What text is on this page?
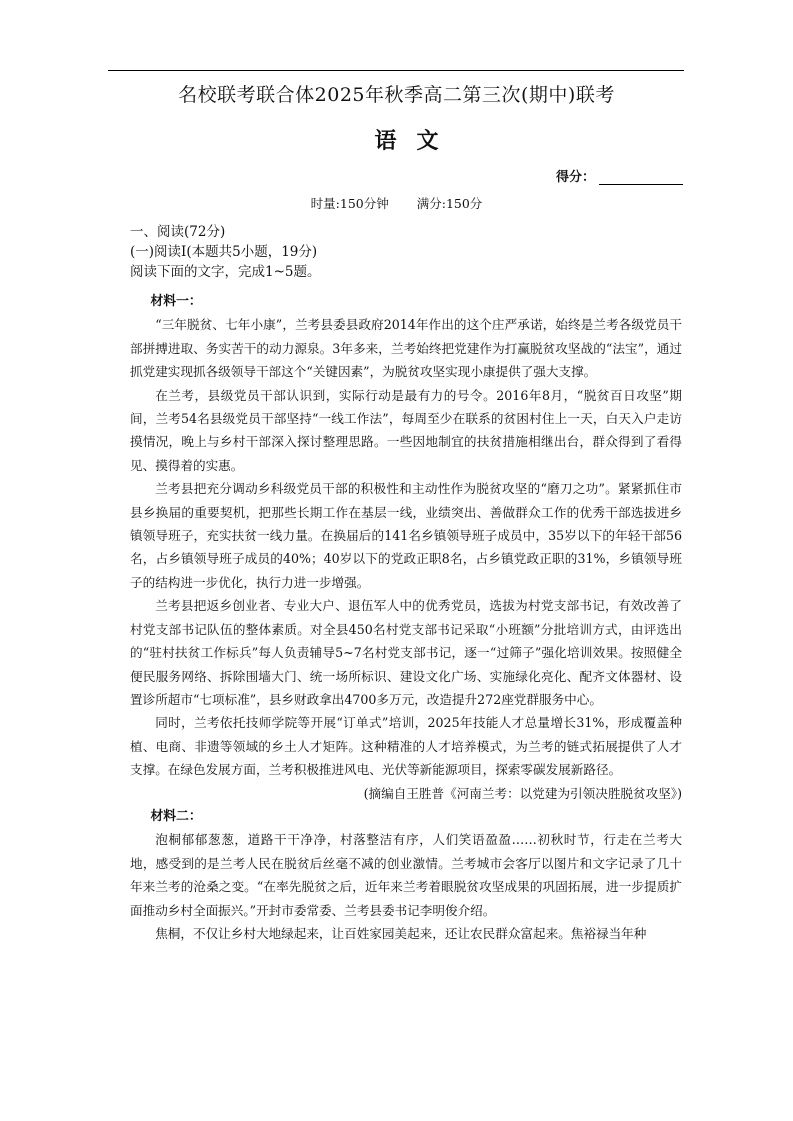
名校联考联合体2025年秋季高二第三次(期中)联考
语文
得分：
时量:150分钟 满分:150分
一、阅读(72分)
(一)阅读Ⅰ(本题共5小题，19分)
阅读下面的文字，完成1~5题。
材料一：

“三年脱贫、七年小康”，兰考县委县政府2014年作出的这个庄严承诺，始终是兰考各级党员干部拼搏进取、务实苦干的动力源泉。3年多来，兰考始终把党建作为打赢脱贫攻坚战的“法宝”，通过抓党建实现抓各级领导干部这个“关键因素”，为脱贫攻坚实现小康提供了强大支撑。

在兰考，县级党员干部认识到，实际行动是最有力的号令。2016年8月，“脱贫百日攻坚”期间，兰考54名县级党员干部坚持“一线工作法”，每周至少在联系的贫困村住上一天，白天入户走访摸情况，晚上与乡村干部深入探讨整理思路。一些因地制宜的扶贫措施相继出台，群众得到了看得见、摸得着的实惠。

兰考县把充分调动乡科级党员干部的积极性和主动性作为脱贫攻坚的“磨刀之功”。紧紧抓住市县乡换届的重要契机，把那些长期工作在基层一线，业绩突出、善做群众工作的优秀干部选拔进乡镇领导班子，充实扶贫一线力量。在换届后的141名乡镇领导班子成员中，35岁以下的年轻干部56名，占乡镇领导班子成员的40%；40岁以下的党政正职8名，占乡镇党政正职的31%，乡镇领导班子的结构进一步优化，执行力进一步增强。

兰考县把返乡创业者、专业大户、退伍军人中的优秀党员，选拔为村党支部书记，有效改善了村党支部书记队伍的整体素质。对全县450名村党支部书记采取“小班额”分批培训方式，由评选出的“驻村扶贫工作标兵”每人负责辅导5~7名村党支部书记，逐一“过筛子”强化培训效果。按照健全便民服务网络、拆除围墙大门、统一场所标识、建设文化广场、实施绿化亮化、配齐文体器材、设置诊所超市“七项标准”，县乡财政拿出4700多万元，改造提升272座党群服务中心。

同时，兰考依托技师学院等开展“订单式”培训，2025年技能人才总量增长31%，形成覆盖种植、电商、非遗等领域的乡土人才矩阵。这种精准的人才培养模式，为兰考的链式拓展提供了人才支撑。在绿色发展方面，兰考积极推进风电、光伏等新能源项目，探索零碳发展新路径。

(摘编自王胜普《河南兰考：以党建为引领决胜脱贫攻坚》)

材料二：

泡桐郁郁葱葱，道路干干净净，村落整洁有序，人们笑语盈盈……初秋时节，行走在兰考大地，感受到的是兰考人民在脱贫后丝毫不减的创业激情。兰考城市会客厅以图片和文字记录了几十年来兰考的沧桑之变。“在率先脱贫之后，近年来兰考着眼脱贫攻坚成果的巩固拓展，进一步提质扩面推动乡村全面振兴。”开封市委常委、兰考县委书记李明俊介绍。

焦桐，不仅让乡村大地绿起来，让百姓家园美起来，还让农民群众富起来。焦裕禄当年种
